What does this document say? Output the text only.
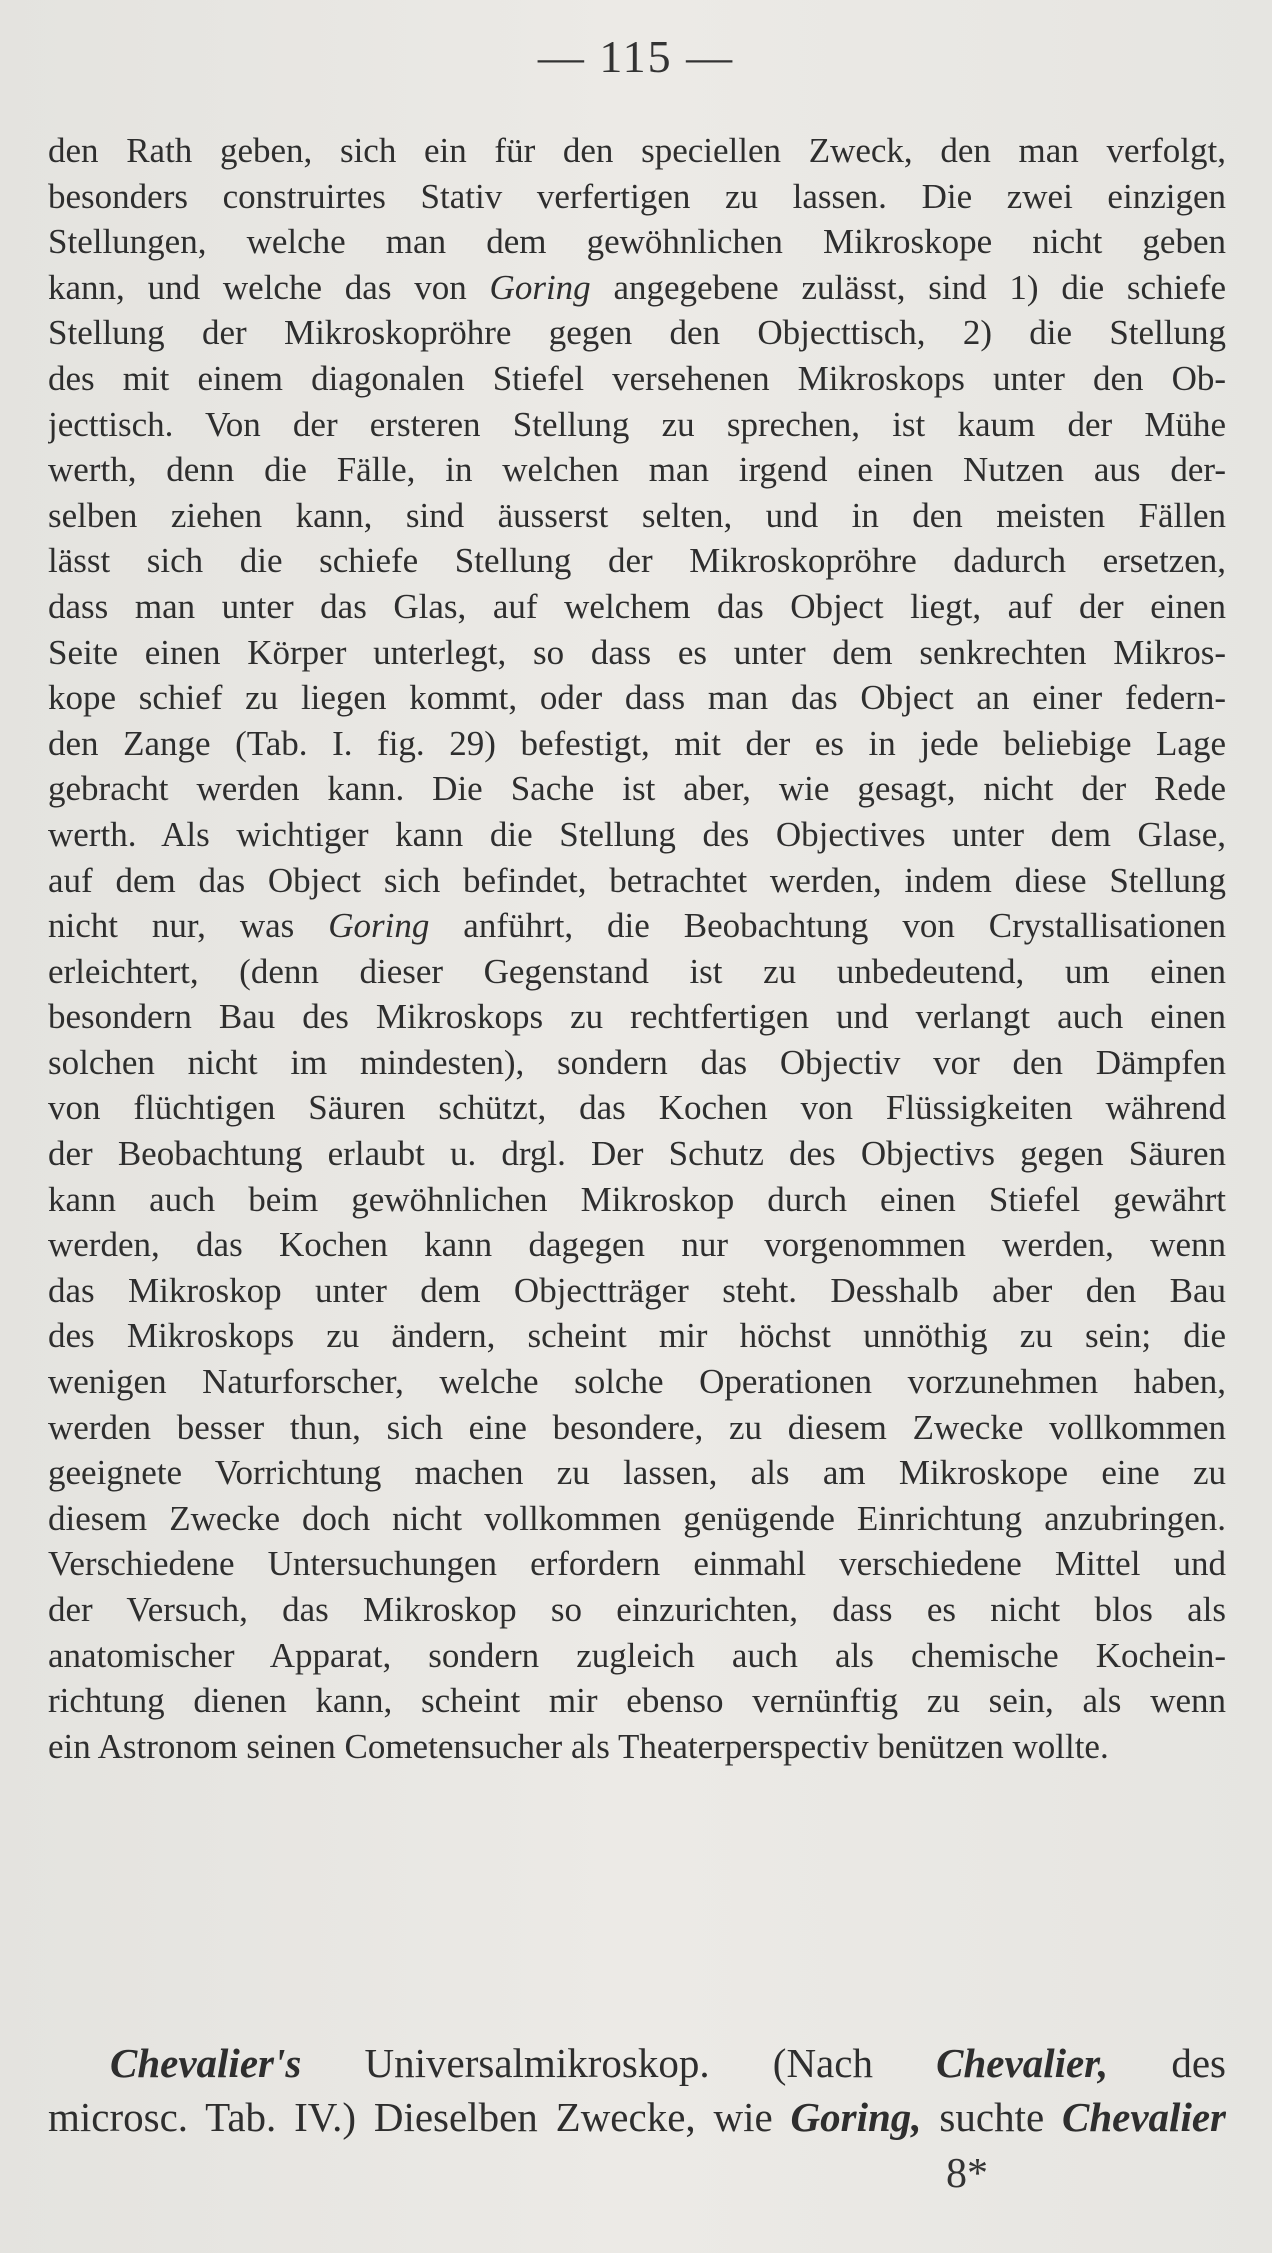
— 115 —
den Rath geben, sich ein für den speciellen Zweck, den man verfolgt,
besonders construirtes Stativ verfertigen zu lassen. Die zwei einzigen
Stellungen, welche man dem gewöhnlichen Mikroskope nicht geben
kann, und welche das von Goring angegebene zulässt, sind 1) die schiefe
Stellung der Mikroskopröhre gegen den Objecttisch, 2) die Stellung
des mit einem diagonalen Stiefel versehenen Mikroskops unter den Ob-
jecttisch. Von der ersteren Stellung zu sprechen, ist kaum der Mühe
werth, denn die Fälle, in welchen man irgend einen Nutzen aus der-
selben ziehen kann, sind äusserst selten, und in den meisten Fällen
lässt sich die schiefe Stellung der Mikroskopröhre dadurch ersetzen,
dass man unter das Glas, auf welchem das Object liegt, auf der einen
Seite einen Körper unterlegt, so dass es unter dem senkrechten Mikros-
kope schief zu liegen kommt, oder dass man das Object an einer federn-
den Zange (Tab. I. fig. 29) befestigt, mit der es in jede beliebige Lage
gebracht werden kann. Die Sache ist aber, wie gesagt, nicht der Rede
werth. Als wichtiger kann die Stellung des Objectives unter dem Glase,
auf dem das Object sich befindet, betrachtet werden, indem diese Stellung
nicht nur, was Goring anführt, die Beobachtung von Crystallisationen
erleichtert, (denn dieser Gegenstand ist zu unbedeutend, um einen
besondern Bau des Mikroskops zu rechtfertigen und verlangt auch einen
solchen nicht im mindesten), sondern das Objectiv vor den Dämpfen
von flüchtigen Säuren schützt, das Kochen von Flüssigkeiten während
der Beobachtung erlaubt u. drgl. Der Schutz des Objectivs gegen Säuren
kann auch beim gewöhnlichen Mikroskop durch einen Stiefel gewährt
werden, das Kochen kann dagegen nur vorgenommen werden, wenn
das Mikroskop unter dem Objectträger steht. Desshalb aber den Bau
des Mikroskops zu ändern, scheint mir höchst unnöthig zu sein; die
wenigen Naturforscher, welche solche Operationen vorzunehmen haben,
werden besser thun, sich eine besondere, zu diesem Zwecke vollkommen
geeignete Vorrichtung machen zu lassen, als am Mikroskope eine zu
diesem Zwecke doch nicht vollkommen genügende Einrichtung anzubringen.
Verschiedene Untersuchungen erfordern einmahl verschiedene Mittel und
der Versuch, das Mikroskop so einzurichten, dass es nicht blos als
anatomischer Apparat, sondern zugleich auch als chemische Kochein-
richtung dienen kann, scheint mir ebenso vernünftig zu sein, als wenn
ein Astronom seinen Cometensucher als Theaterperspectiv benützen wollte.
Chevalier's Universalmikroskop. (Nach Chevalier, des
microsc. Tab. IV.) Dieselben Zwecke, wie Goring, suchte Chevalier
8*
